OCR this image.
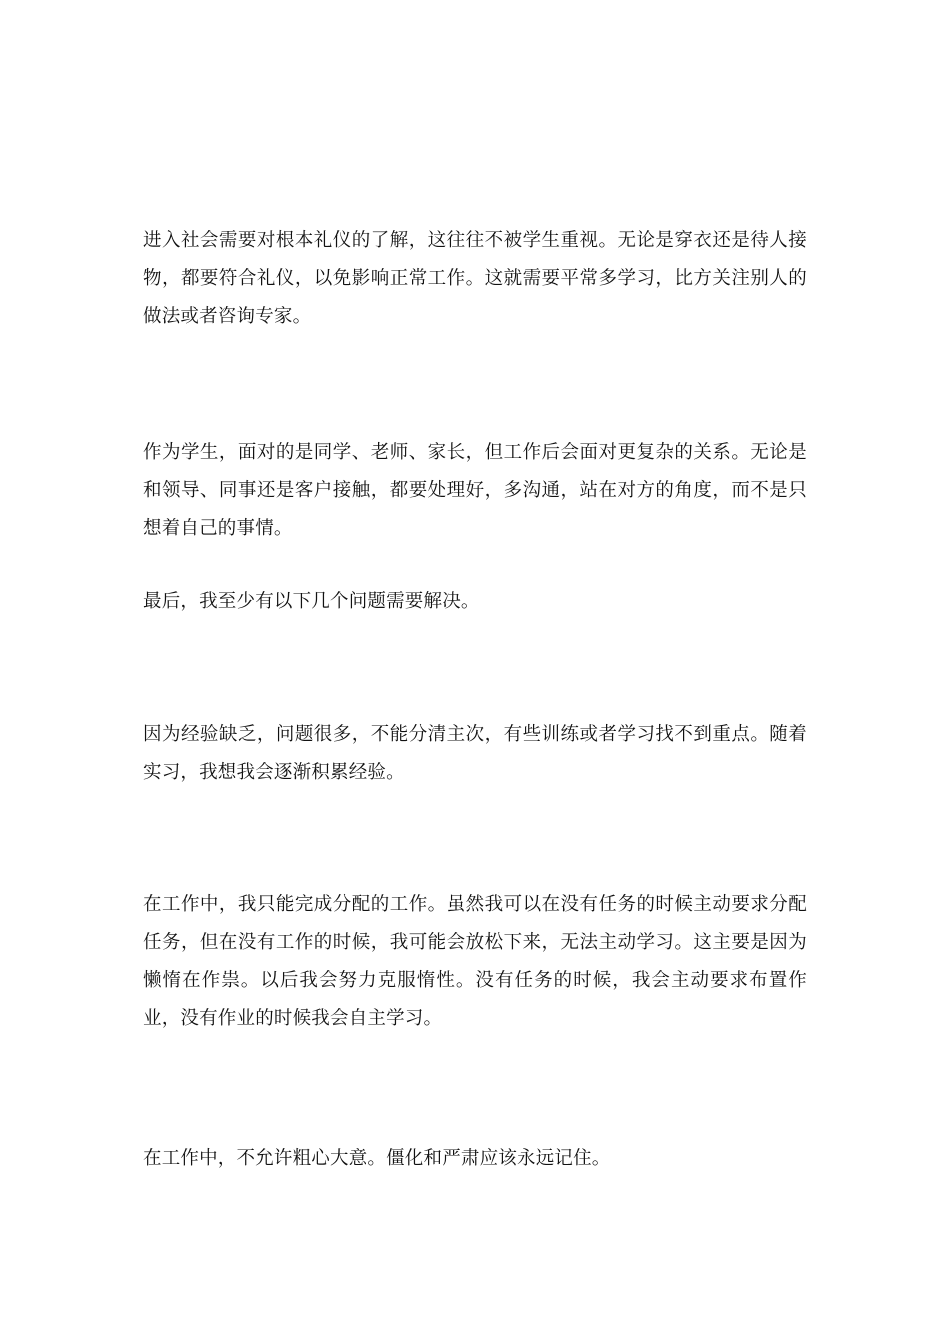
进入社会需要对根本礼仪的了解，这往往不被学生重视。无论是穿衣还是待人接物，都要符合礼仪，以免影响正常工作。这就需要平常多学习，比方关注别人的做法或者咨询专家。

作为学生，面对的是同学、老师、家长，但工作后会面对更复杂的关系。无论是和领导、同事还是客户接触，都要处理好，多沟通，站在对方的角度，而不是只想着自己的事情。

最后，我至少有以下几个问题需要解决。

因为经验缺乏，问题很多，不能分清主次，有些训练或者学习找不到重点。随着实习，我想我会逐渐积累经验。

在工作中，我只能完成分配的工作。虽然我可以在没有任务的时候主动要求分配任务，但在没有工作的时候，我可能会放松下来，无法主动学习。这主要是因为懒惰在作祟。以后我会努力克服惰性。没有任务的时候，我会主动要求布置作业，没有作业的时候我会自主学习。

在工作中，不允许粗心大意。僵化和严肃应该永远记住。
